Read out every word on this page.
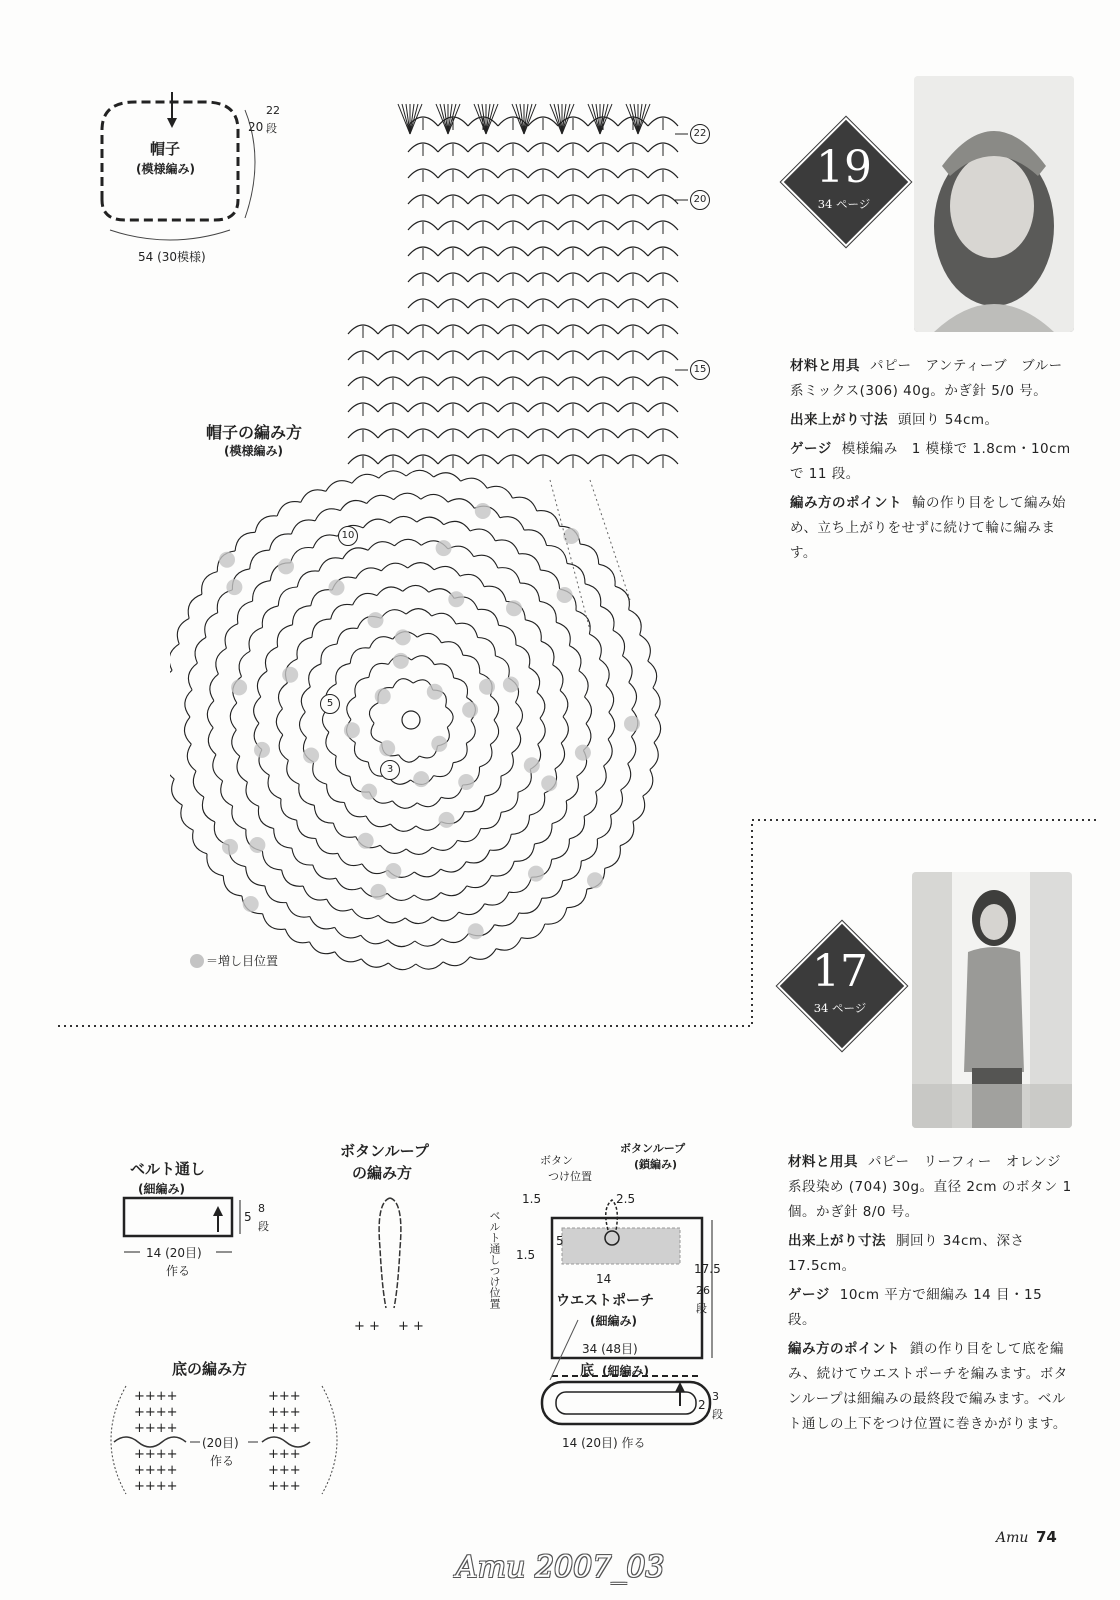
帽子
(模様編み)
20
22
段
54 (30模様)
帽子の編み方
(模様編み)
22
20
15
10
5
3
＝増し目位置
19
34 ページ

材料と用具 パピー　アンティーブ　ブルー系ミックス(306) 40g。かぎ針 5/0 号。

出来上がり寸法 頭回り 54cm。

ゲージ 模様編み　1 模様で 1.8cm・10cm で 11 段。

編み方のポイント 輪の作り目をして編み始め、立ち上がりをせずに続けて輪に編みます。

17
34 ページ

材料と用具 パピー　リーフィー　オレンジ系段染め (704) 30g。直径 2cm のボタン 1 個。かぎ針 8/0 号。

出来上がり寸法 胴回り 34cm、深さ 17.5cm。

ゲージ 10cm 平方で細編み 14 目・15 段。

編み方のポイント 鎖の作り目をして底を編み、続けてウエストポーチを編みます。ボタンループは細編みの最終段で編みます。ベルト通しの上下をつけ位置に巻きかがります。

ベルト通し
(細編み)
5
8
段
14 (20目)
作る
ボタンループ
の編み方
+ + + +
底の編み方
++++
++++
++++
++++
++++
++++
+++
+++
+++
+++
+++
+++
(20目)
作る
ボタン
つけ位置
ボタンループ
(鎖編み)
1.5	2.5
1.5
5
14
17.5
26
段
ウエストポーチ
(細編み)
ベルト通しつけ位置
34 (48目)
底 (細編み)
2
3
段
14 (20目) 作る
Amu 74
Amu 2007_03
